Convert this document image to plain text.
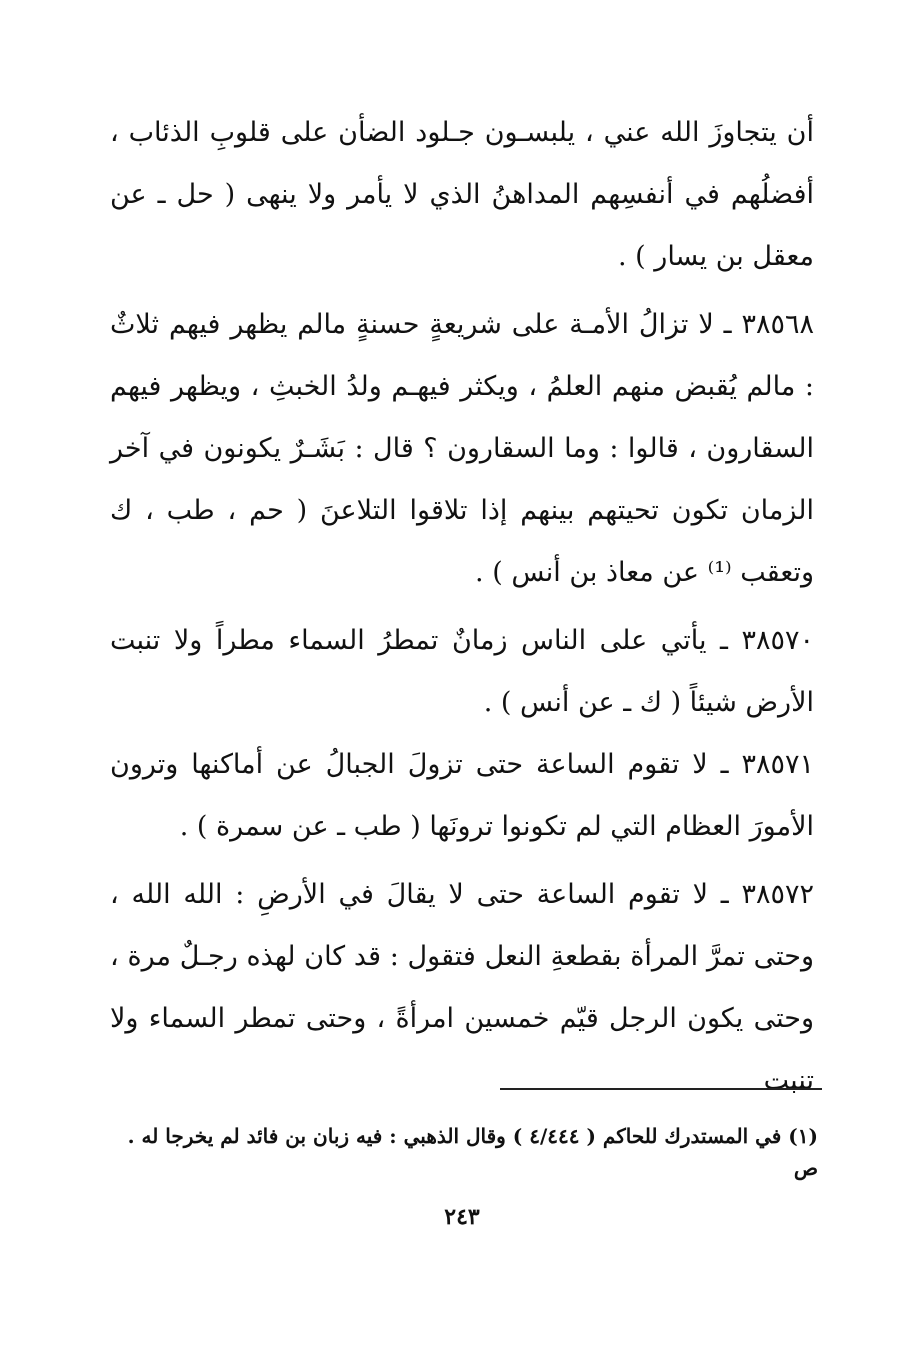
أن يتجاوزَ الله عني ، يلبسـون جـلود الضأن على قلوبِ الذئاب ، أفضلُهم في أنفسِهم المداهنُ الذي لا يأمر ولا ينهى ( حل ـ عن معقل بن يسار ) .

٣٨٥٦٨ ـ لا تزالُ الأمـة على شريعةٍ حسنةٍ مالم يظهر فيهم ثلاثٌ : مالم يُقبض منهم العلمُ ، ويكثر فيهـم ولدُ الخبثِ ، ويظهر فيهم السقارون ، قالوا : وما السقارون ؟ قال : بَشَـرٌ يكونون في آخر الزمان تكون تحيتهم بينهم إذا تلاقوا التلاعنَ ( حم ، طب ، ك وتعقب ⁽¹⁾ عن معاذ بن أنس ) .

٣٨٥٧٠ ـ يأتي على الناس زمانٌ تمطرُ السماء مطراً ولا تنبت الأرض شيئاً ( ك ـ عن أنس ) .

٣٨٥٧١ ـ لا تقوم الساعة حتى تزولَ الجبالُ عن أماكنها وترون الأمورَ العظام التي لم تكونوا ترونَها ( طب ـ عن سمرة ) .

٣٨٥٧٢ ـ لا تقوم الساعة حتى لا يقالَ في الأرضِ : الله الله ، وحتى تمرَّ المرأة بقطعةِ النعل فتقول : قد كان لهذه رجـلٌ مرة ، وحتى يكون الرجل قيّم خمسين امرأةً ، وحتى تمطر السماء ولا تنبت

(١) في المستدرك للحاكم ( ٤/٤٤٤ ) وقال الذهبي : فيه زبان بن فائد لم يخرجا له . ص
٢٤٣
